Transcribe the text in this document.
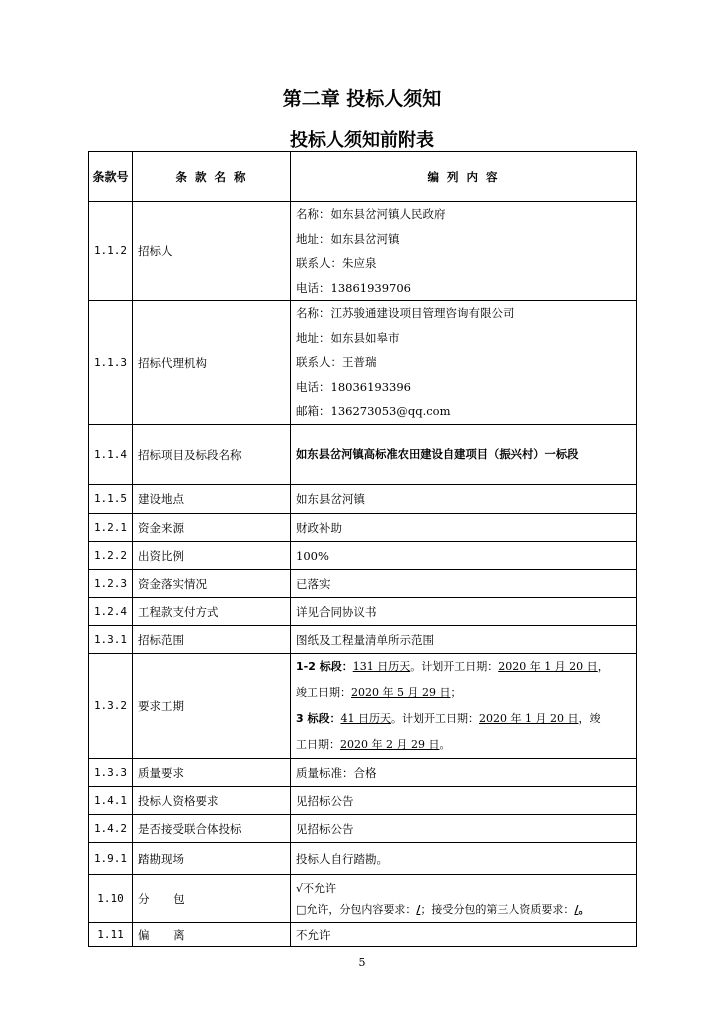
第二章 投标人须知
投标人须知前附表
条款号	条 款 名 称	编 列 内 容
1.1.2	招标人	名称：如东县岔河镇人民政府
地址：如东县岔河镇
联系人：朱应泉
电话：13861939706

1.1.3	招标代理机构	名称：江苏骏通建设项目管理咨询有限公司
地址：如东县如皋市
联系人：王普瑞
电话：18036193396
邮箱：136273053@qq.com

1.1.4	招标项目及标段名称	如东县岔河镇高标准农田建设自建项目（振兴村）一标段
1.1.5	建设地点	如东县岔河镇
1.2.1	资金来源	财政补助
1.2.2	出资比例	100%
1.2.3	资金落实情况	已落实
1.2.4	工程款支付方式	详见合同协议书
1.3.1	招标范围	图纸及工程量清单所示范围
1.3.2	要求工期	1-2 标段：131 日历天。计划开工日期：2020 年 1 月 20 日，
竣工日期：2020 年 5 月 29 日；
3 标段：41 日历天。计划开工日期：2020 年 1 月 20 日，竣
工日期：2020 年 2 月 29 日。

1.3.3	质量要求	质量标准：合格
1.4.1	投标人资格要求	见招标公告
1.4.2	是否接受联合体投标	见招标公告
1.9.1	踏勘现场	投标人自行踏勘。
1.10	分 包	√不允许
□允许，分包内容要求：/；接受分包的第三人资质要求：/。

1.11	偏 离	不允许
5
